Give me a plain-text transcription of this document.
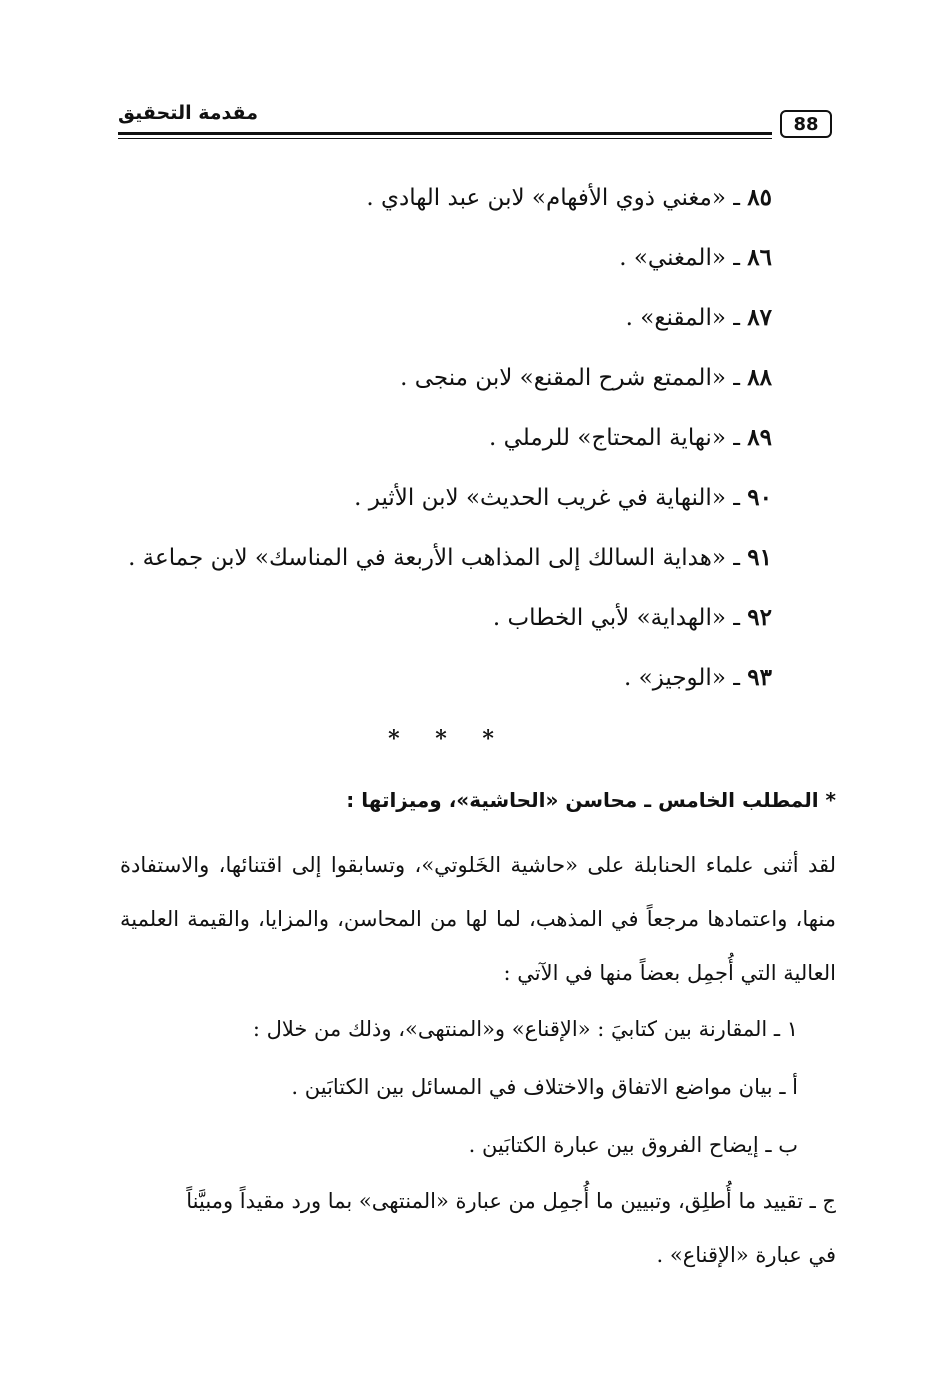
مقدمة التحقيق	88
٨٥ ـ «مغني ذوي الأفهام» لابن عبد الهادي .
٨٦ ـ «المغني» .
٨٧ ـ «المقنع» .
٨٨ ـ «الممتع شرح المقنع» لابن منجى .
٨٩ ـ «نهاية المحتاج» للرملي .
٩٠ ـ «النهاية في غريب الحديث» لابن الأثير .
٩١ ـ «هداية السالك إلى المذاهب الأربعة في المناسك» لابن جماعة .
٩٢ ـ «الهداية» لأبي الخطاب .
٩٣ ـ «الوجيز» .
* * *

* المطلب الخامس ـ محاسن «الحاشية»، وميزاتها :

لقد أثنى علماء الحنابلة على «حاشية الخَلوتي»، وتسابقوا إلى اقتنائها، والاستفادة منها، واعتمادها مرجعاً في المذهب، لما لها من المحاسن، والمزايا، والقيمة العلمية العالية التي أُجمِل بعضاً منها في الآتي :

١ ـ المقارنة بين كتابيَ : «الإقناع» و«المنتهى»، وذلك من خلال :

أ ـ بيان مواضع الاتفاق والاختلاف في المسائل بين الكتابَين .

ب ـ إيضاح الفروق بين عبارة الكتابَين .

ج ـ تقييد ما أُطلِق، وتبيين ما أُجمِل من عبارة «المنتهى» بما ورد مقيداً ومبيَّناً
في عبارة «الإقناع» .
